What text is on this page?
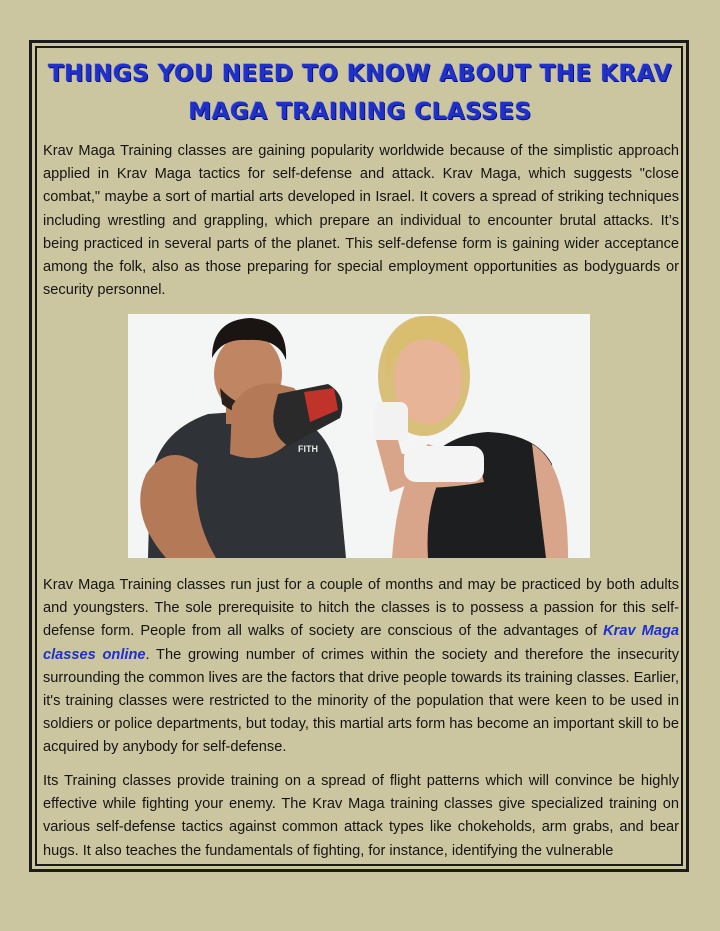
THINGS YOU NEED TO KNOW ABOUT THE KRAV MAGA TRAINING CLASSES

Krav Maga Training classes are gaining popularity worldwide because of the simplistic approach applied in Krav Maga tactics for self-defense and attack. Krav Maga, which suggests "close combat," maybe a sort of martial arts developed in Israel. It covers a spread of striking techniques including wrestling and grappling, which prepare an individual to encounter brutal attacks. It’s being practiced in several parts of the planet. This self-defense form is gaining wider acceptance among the folk, also as those preparing for special employment opportunities as bodyguards or security personnel.

FITH

Krav Maga Training classes run just for a couple of months and may be practiced by both adults and youngsters. The sole prerequisite to hitch the classes is to possess a passion for this self-defense form. People from all walks of society are conscious of the advantages of Krav Maga classes online. The growing number of crimes within the society and therefore the insecurity surrounding the common lives are the factors that drive people towards its training classes. Earlier, it's training classes were restricted to the minority of the population that were keen to be used in soldiers or police departments, but today, this martial arts form has become an important skill to be acquired by anybody for self-defense.

Its Training classes provide training on a spread of flight patterns which will convince be highly effective while fighting your enemy. The Krav Maga training classes give specialized training on various self-defense tactics against common attack types like chokeholds, arm grabs, and bear hugs. It also teaches the fundamentals of fighting, for instance, identifying the vulnerable
